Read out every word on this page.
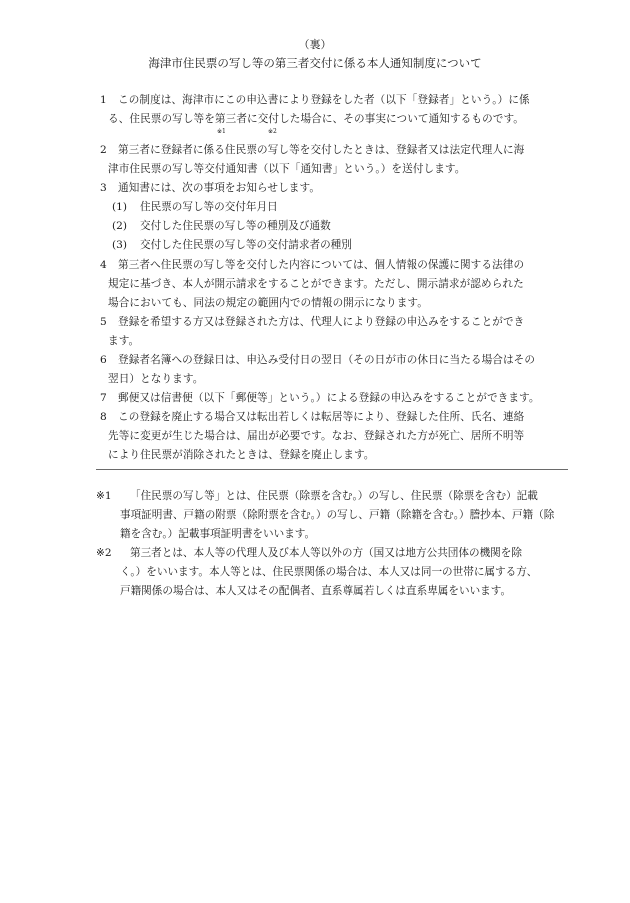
（裏）
海津市住民票の写し等の第三者交付に係る本人通知制度について
1	この制度は、海津市にこの申込書により登録をした者（以下「登録者」という。）に係
る、住民票の写し等を第三者に交付した場合に、その事実について通知するものです。
※1	※2
2	第三者に登録者に係る住民票の写し等を交付したときは、登録者又は法定代理人に海
津市住民票の写し等交付通知書（以下「通知書」という。）を送付します。
3	通知書には、次の事項をお知らせします。
(1) 住民票の写し等の交付年月日
(2) 交付した住民票の写し等の種別及び通数
(3) 交付した住民票の写し等の交付請求者の種別
4	第三者へ住民票の写し等を交付した内容については、個人情報の保護に関する法律の
規定に基づき、本人が開示請求をすることができます。ただし、開示請求が認められた
場合においても、同法の規定の範囲内での情報の開示になります。
5	登録を希望する方又は登録された方は、代理人により登録の申込みをすることができ
ます。
6	登録者名簿への登録日は、申込み受付日の翌日（その日が市の休日に当たる場合はその
翌日）となります。
7	郵便又は信書便（以下「郵便等」という。）による登録の申込みをすることができます。
8	この登録を廃止する場合又は転出若しくは転居等により、登録した住所、氏名、連絡
先等に変更が生じた場合は、届出が必要です。なお、登録された方が死亡、居所不明等
により住民票が消除されたときは、登録を廃止します。
※1	「住民票の写し等」とは、住民票（除票を含む。）の写し、住民票（除票を含む）記載
事項証明書、戸籍の附票（除附票を含む。）の写し、戸籍（除籍を含む。）謄抄本、戸籍（除
籍を含む。）記載事項証明書をいいます。
※2	第三者とは、本人等の代理人及び本人等以外の方（国又は地方公共団体の機関を除
く。）をいいます。本人等とは、住民票関係の場合は、本人又は同一の世帯に属する方、
戸籍関係の場合は、本人又はその配偶者、直系尊属若しくは直系卑属をいいます。
